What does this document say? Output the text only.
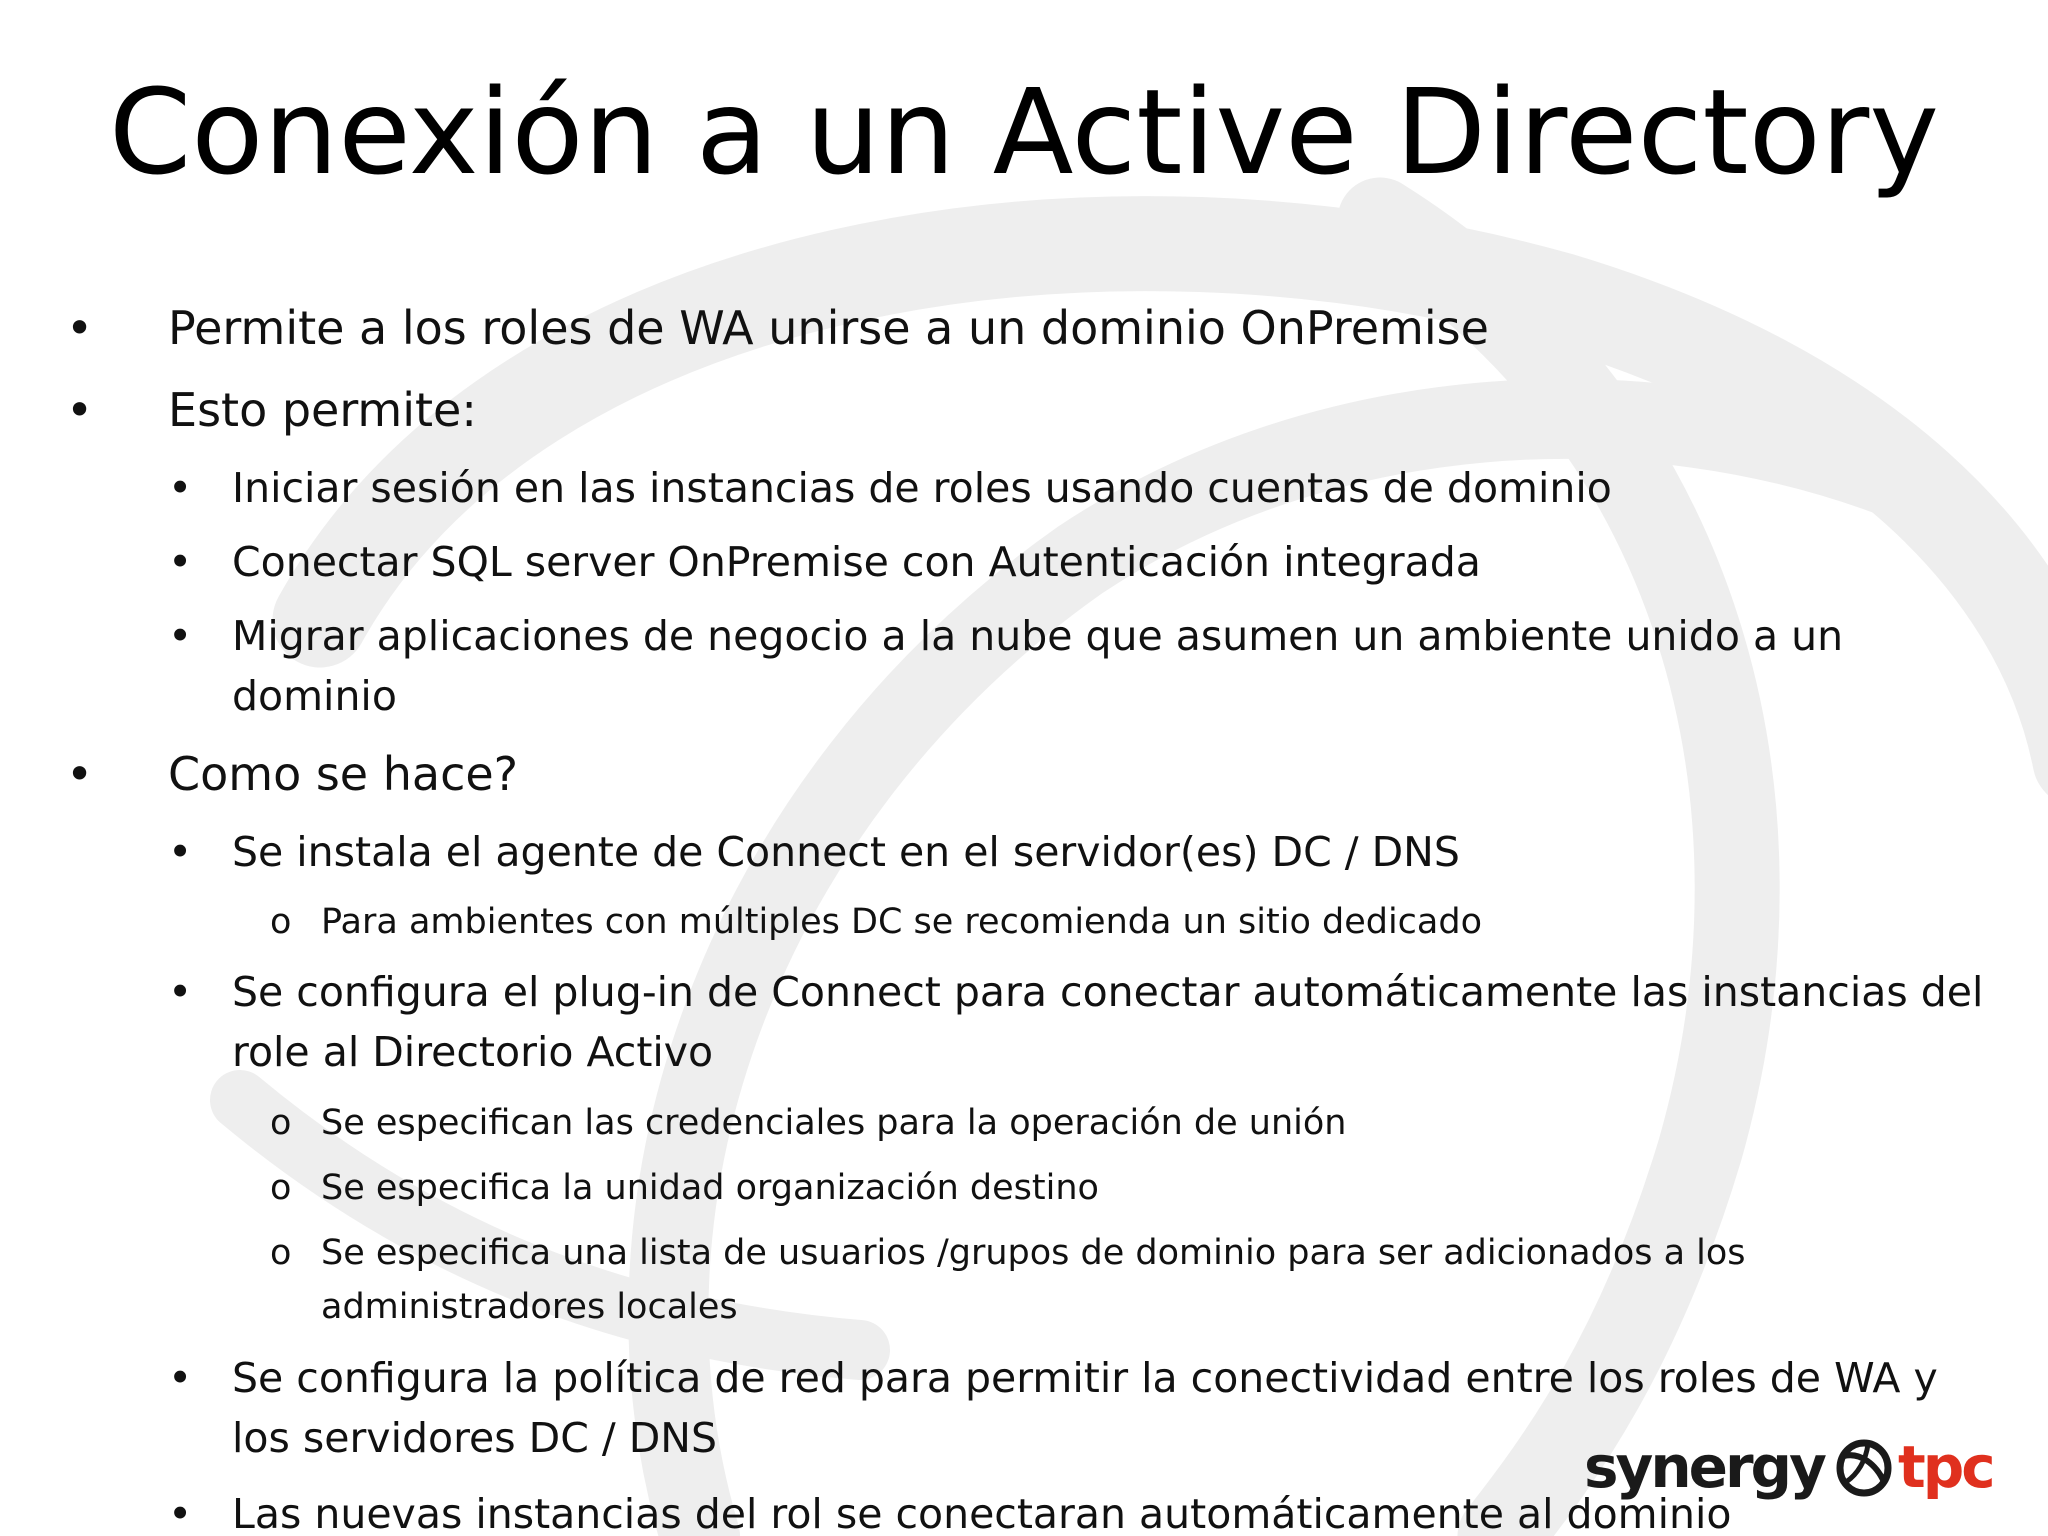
Conexión a un Active Directory
• Permite a los roles de WA unirse a un dominio OnPremise
• Esto permite:
• Iniciar sesión en las instancias de roles usando cuentas de dominio
• Conectar SQL server OnPremise con Autenticación integrada
• Migrar aplicaciones de negocio a la nube que asumen un ambiente unido a un
dominio
• Como se hace?
• Se instala el agente de Connect en el servidor(es) DC / DNS
o Para ambientes con múltiples DC se recomienda un sitio dedicado
• Se configura el plug-in de Connect para conectar automáticamente las instancias del
role al Directorio Activo
o Se especifican las credenciales para la operación de unión
o Se especifica la unidad organización destino
o Se especifica una lista de usuarios /grupos de dominio para ser adicionados a los
administradores locales
• Se configura la política de red para permitir la conectividad entre los roles de WA y
los servidores DC / DNS
• Las nuevas instancias del rol se conectaran automáticamente al dominio
synergy tpc
